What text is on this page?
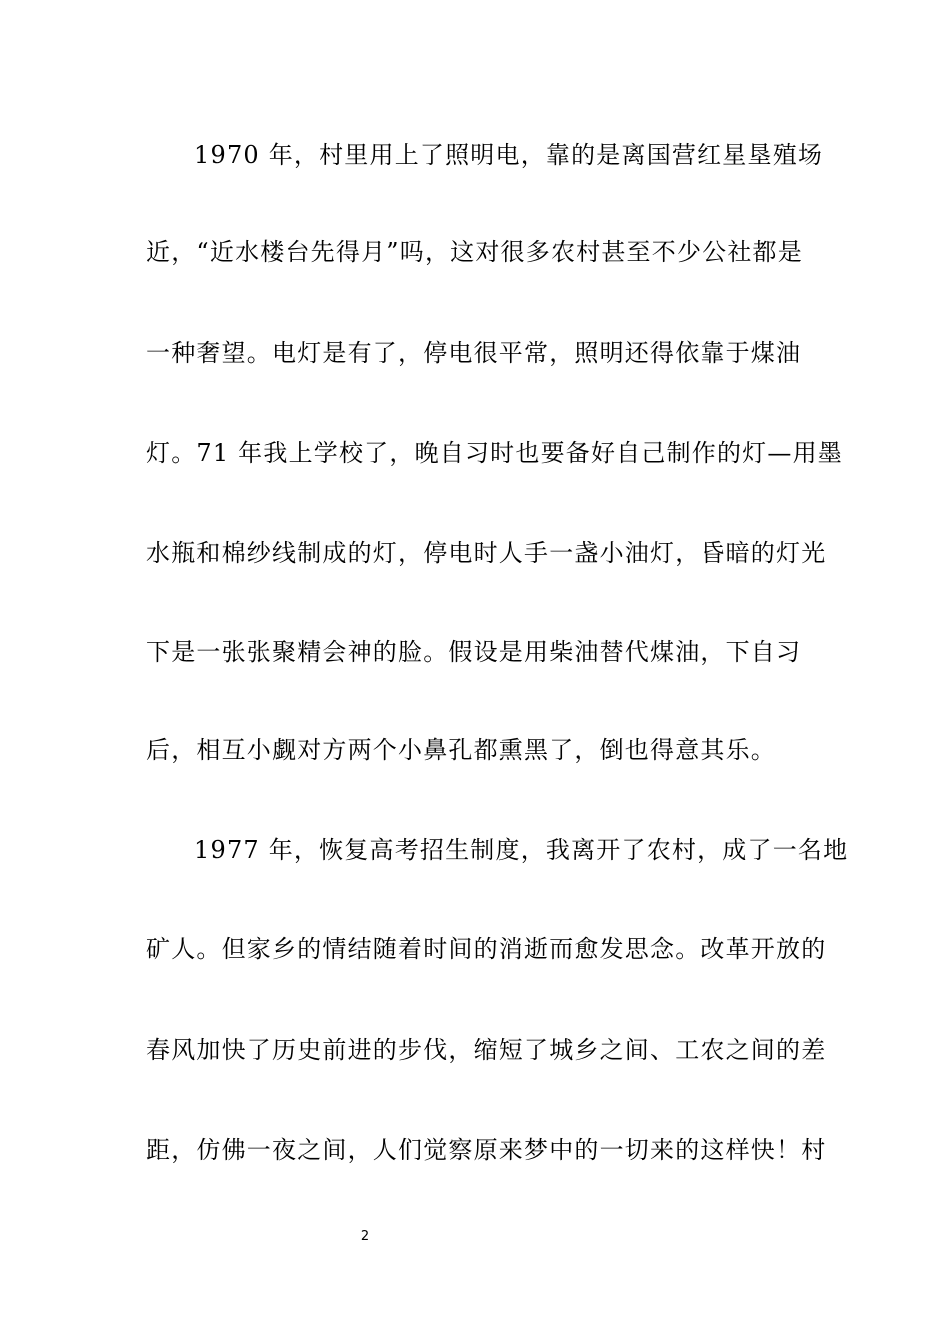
1970 年，村里用上了照明电，靠的是离国营红星垦殖场
近，“近水楼台先得月”吗，这对很多农村甚至不少公社都是
一种奢望。电灯是有了，停电很平常，照明还得依靠于煤油
灯。71 年我上学校了，晚自习时也要备好自己制作的灯—用墨
水瓶和棉纱线制成的灯，停电时人手一盏小油灯，昏暗的灯光
下是一张张聚精会神的脸。假设是用柴油替代煤油，下自习
后，相互小觑对方两个小鼻孔都熏黑了，倒也得意其乐。
1977 年，恢复高考招生制度，我离开了农村，成了一名地
矿人。但家乡的情结随着时间的消逝而愈发思念。改革开放的
春风加快了历史前进的步伐，缩短了城乡之间、工农之间的差
距，仿佛一夜之间，人们觉察原来梦中的一切来的这样快！村
2
